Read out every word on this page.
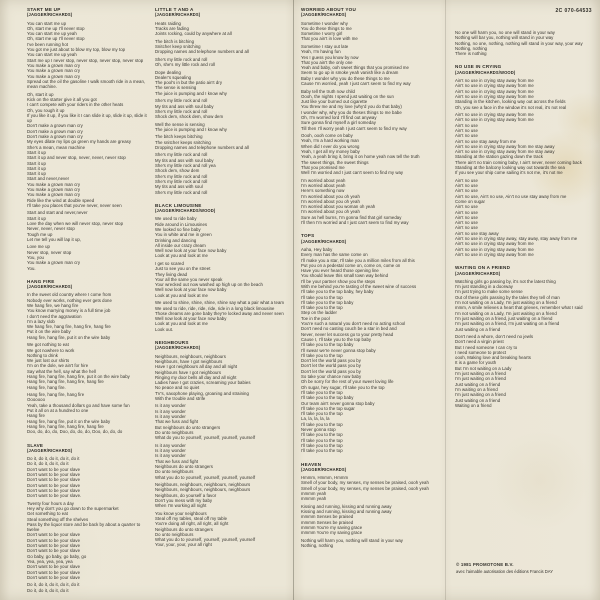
2C 070-64533
START ME UP
(JAGGER/RICHARDS)
You can start me up
Oh, start me up I'll never stop
You can start me up yeah
Oh, start me up I'll never stop
I've been running hot
You got me just about to blow my top, blow my top
You can start me up yeah
Start me up I never stop, never stop, never stop, never stop
You make a grown man cry
You make a grown man cry
You make a grown man cry
Spread out the oil the gasoline I walk smooth ride in a mean, mean machine.
Oh, start it up
Kick on the starter give it all you got
I can't compete with your riders in the other heats
Oh, you rough it up
If you like it up, if you like it I can slide it up, slide it up, slide it up
Don't make a grown man cry
Don't make a grown man cry
Don't make a grown man cry
My eyes dilate my lips go green my hands are greasy
She's a mean, mean machine
Start it up
Start it up and never stop, never, never, never stop
Start it up
Start it up
Start it up
Start and never,never
You make a grown man cry
You make a grown man cry
You make a grown man cry
Ride like the wind at double speed
I'll take you places that you've never, never seen
Start and start and never,never
Start it up
Love the day when we will never stop, never stop
Never, never, never stop
Tough me up
Let me tell you will lap it up,
Love me up
Never stop, never stop
You, you
You make a grown man cry
You.
HANG FIRE
(JAGGER/RICHARDS)
In the sweet old country where I come from
Nobody ever works, nothing ever gets done
We hang fire, we hang fire
You know marrying money is a full time job
I don't need the aggravation
I'm a lazy slob
We hang fire, hang fire, hang fire, hang fire
Put it on the wire baby
Hang fire, hang fire, put it on the wire baby
We got nothing to eat
We got nowhere to work
Nothing to drink
We just lost our shirts
I'm on the dole, we ain't for hire
Say what the hell, say what the hell
Hang fire, hang fire, hang fire, put it on the wire baby
Hang fire, hang fire, hang fire, hang fire
Hang fire, hang fire.
Hang fire, hang fire, hang fire
Ooooooo
Yeah, take a thousand dollars go and have some fun
Put it all on at a hundred to one
Hang fire
Hang fire, hang fire, put it on the wire baby
Hang fire, hang fire, hang fire, hang fire
Doo, do, do, do, Doo, do, do, do, Doo, do, do, do
SLAVE
(JAGGER/RICHARDS)
Do it, do it, do it, do it, do it
Do it, do it, do it, do it
Don't want to be your slave
Don't want to be your slave
Don't want to be your slave
Don't want to be your slave
Don't want to be your slave
Don't want to be your slave.
Twenty four hours a day
Hey why don't you go down to the supermarket
Get something to eat
Steal something off the shelves
Pass by the liquor store and be back by about a quarter to twelve
Don't want to be your slave
Don't want to be your slave
Don't want to be your slave
Don't want to be your slave
Go baby, go baby, go baby, go
Yea, yea, yea, yea, yea
Don't want to be your slave
Don't want to be your slave
Don't want to be your slave
Do it, do it, do it, do it, do it
Do it, do it, do it, do it
LITTLE T AND A
(JAGGER/RICHARDS)
Heats raiding
Tracks are fading
Joints rocking, could by anywhere at all
The bitch is bitching
Snitcher keep snitching
Dropping names and telephone numbers and all
She's my little rock and roll
Oh, she's my little rock and roll
Dope dealing
Dealer's squealing
The pool's in but the patio ain't dry
The sense is sensing
The juice is pumping and I know why
She's my little rock and roll
My tits and ass with soul baby
She's my little rock and roll
Shock dem, shock dem, show dem
Well the sense is sensing
The juice is pumping and I know why
The bitch keeps bitching
The snitcher keeps snitching
Dropping names and telephone numbers and all
She's my little rock and roll
My tits and ass with soul baby
She's my little rock and roll yea
Shock dem, show dem
She's my little rock and roll
She's my little rock and roll
My tits and ass with soul
She's my little rock and roll
BLACK LIMOUSINE
(JAGGER/RICHARDS/WOOD)
We used to ride baby
Ride around in Limousines
We looked so fine baby
You in white and me in green
Drinking and dancing
All inside our crazy dream
Well now look at your face now baby
Look at you and look at me
I get so scared
Just to see you on the street
They living dead
Your all the same you never speak
Your wrecked out now washed up high up on the beach
Well now look at your face now baby
Look at you and look at me
We used to shine, shine, shine, shine say what a pair what a team
We used to ride, ride, ride, ride, ride in a long black limousine
Those dreams are gone baby they're locked away and never seen
Well now look at your face now baby
Look at you and look at me
Look out.
NEIGHBOURS
(JAGGER/RICHARDS)
Neighbours, neighbours, neighbours
Neighbours, have I got neighbours
Have I got neighbours all day and all night
Neighbours have I got neighbours
Ringing my door bells all day and all night
Ladies have I got crazies, screaming your babies
No peace and no quiet
TV's, saxophone playing, groaning and straining
With the trouble and strife
Is it any wonder
Is it any wonder
Is it any wonder
That we fuss and fight
But neighbours do unto strangers
Do unto neighbours
What do you to yourself, yourself, yourself, yourself
Is it any wonder
Is it any wonder
Is it any wonder
That we fuss and fight
Neighbours do unto strangers
Do unto neighbours
What you do to yourself, yourself, yourself, yourself
Neighbours, neighbours, neighbours, neighbours
Neighbours, neighbours, neighbours, neighbours
Neighbours, do yourself a favor
Don't you mess with my baby
When I'm working all night
You know your neighbours
Steal off my tables, steal off my table
You're doing all right, all right, all right
Neighbours do unto strangers
Do unto neighbours
What you do to yourself, yourself, yourself, yourself
Your, your, your, your all right
WORRIED ABOUT YOU
(JAGGER/RICHARDS)
Sometime I wonder why
You do these things to me
Sometime I worry girl
That you ain't in love with me
Sometime I stay out late
Yeah, I'm having fun
Yes I guess you know by now
That you ain't the only one
Yeah and baby, ooh sweet things that you promised me
Seem to go up in smoke yeah vanish like a dream
Baby I wonder why you do these things to me
Cause I'm worried, yeah I just can't seem to find my way
Baby tell the truth now child
Oooh, the nights I spend just waiting on the sun
Just like your burned out cigarette
You threw me and my love (why'd you do that baby)
I wonder why, why you do theses things to me babe
Oh, I'm worried lord I'll find out anyway
Sure gonna find myself a girl someday
Till then I'll worry yeah I just can't seem to find my way
Oooh, oooh come on baby
Yeah, I'm a hard working man
When did I ever do you wrong
Yeah, I get all my money baby
Yeah, a yeah bring it, bring it on home yeah now tell the truth
The sweet things, the sweet things
That you promised me
Well I'm worried and I just can't seem to find my way
I'm worried about yeah
I'm worried about yeah
Here's something now
I'm worried about you oh yeah
I'm worried about you oh yeah
I'm worried about you woman oh yeah
I'm worried about you oh yeah
Sure as hell burns, I'm gonna find that girl someday
I'll then I'm worried and I just can't seem to find my way
TOPS
(JAGGER/RICHARDS)
Aaha, Hey baby
Every man has the same come on
I'll make you a star, I'll take you a million miles from all this
Put you on a pedestal come on, come on, come on
Have you ever heard those opening line
You should leave this small town way behind
I'll be your partner show you the steps
With me behind you're tasting of the sweet wine of success
I'll take you to the top baby, hey baby
I'll take you to the top
I'll take you to the top baby
I'll take you to the top
Step on the ladder
Toe in the pool
You're such a natural you don't need no acting school
Don't need no casting couch be a star in bed and
Never, never let success go to your pretty head
Cause I, I'll take you to the top baby
I'll take you to the top baby
I'll swear we're never gonna stop baby
I'll take you to the top
Don't let the world pass you by
Don't let the world pass you by
Don't let the world pass you by
So take your chance now baby
Oh be sorry for the rest of your sweet loving life
Oh sugar, hey sugar, I'll take you to the top
I'll take you to the top
I'll take you to the top baby
Our team ain't never gonna stop baby
I'll take you to the top sugar
I'll take you to the top
La, la, la, la, la
I'll take you to the top
Never gonna stop
I'll take you to the top
I'll take you to the top
I'll take you to the top
I'll take you to the top
HEAVEN
(JAGGER/RICHARDS)
Hmmm, Hmmm, Hmmm
Smell of your body, my senses, my senses be praised, oooh yeah
Smell of your body, my senses, my senses be praised, oooh yeah
mmmm yeah
mmmm yeah
Kissing and running, kissing and running away
Kissing and running, kissing and running away
mmmm Senses be praised
mmmm Senses be praised
mmmm You're my saving grace
mmmm You're my saving grace
Nothing will harm you, nothing will stand in your way
Nothing, nothing
No one will harm you, no one will stand in your way
Nothing will bar you, nothing will stand in your way
Nothing, no one, nothing, nothing will stand in your way, your way
Nothing, nothing
There is nothing
NO USE IN CRYING
(JAGGER/RICHARDS/WOOD)
Ain't no use in crying stay away from me
Ain't no use in crying stay away from me
Ain't no use in crying stay away from me
Ain't no use in crying stay away from me
Standing in the kitchen, looking way out across the fields
Oh, you see a face in the window it's not real, it's not real
Ain't no use in crying stay away from me
Ain't no use in crying stay away from me
Ain't no use
Ain't no use
Ain't no use
Ain't no use stay away from me
Ain't no use in crying stay away from me stay away
Ain't no use in crying stay away from me stay away
Standing at the station gazing down the track
There ain't no train coming baby, I ain't never, never coming back
Standing at the balcony looking way out towards the sea
If you see your ship come sailing it's not me, it's not me
Ain't no use
Ain't no use
Ain't no use
Ain't no use, Ain't no use, Ain't no use stay away from me
Come on sugar
Ain't no use
Ain't no use
Ain't no use
Ain't no use
Ain't no use
Ain't no use stay away
Ain't no use in crying stay away, stay away, stay away from me
Ain't no use in crying stay away from me
Ain't no use in crying stay away from me
Ain't no use in crying stay away from me
WAITING ON A FRIEND
(JAGGER/RICHARDS)
Watching girls go passing by, it's not the latest thing
I'm just standing in a doorway
I'm just trying to make some sense
Out of these girls passing by the tales they tell of man
I'm not waiting on a Lady, I'm just waiting on a friend
mmm, A smile relieves a heart that grieves, remember what I said
I'm not waiting on a Lady, I'm just waiting on a friend
I'm just waiting on a friend, just waiting on a friend
I'm just waiting on a friend, I'm just waiting on a friend
Just waiting on a friend
Don't need a whore, don't need no jewls
Don't need a virgin priest
But I need someone I can cry to
I need someone to protect
oooh, Making love and breaking hearts
It is a game for youth
But I'm not waiting on a Lady
I'm just waiting on a friend
I'm just waiting on a friend
Just waiting on a friend
I'm waiting on a friend
I'm just waiting on a friend
Just waiting on a friend
Waiting on a friend
© 1981 PROMOTONE B.V.
avec l'aimable autorisation des éditions Francis DAY
